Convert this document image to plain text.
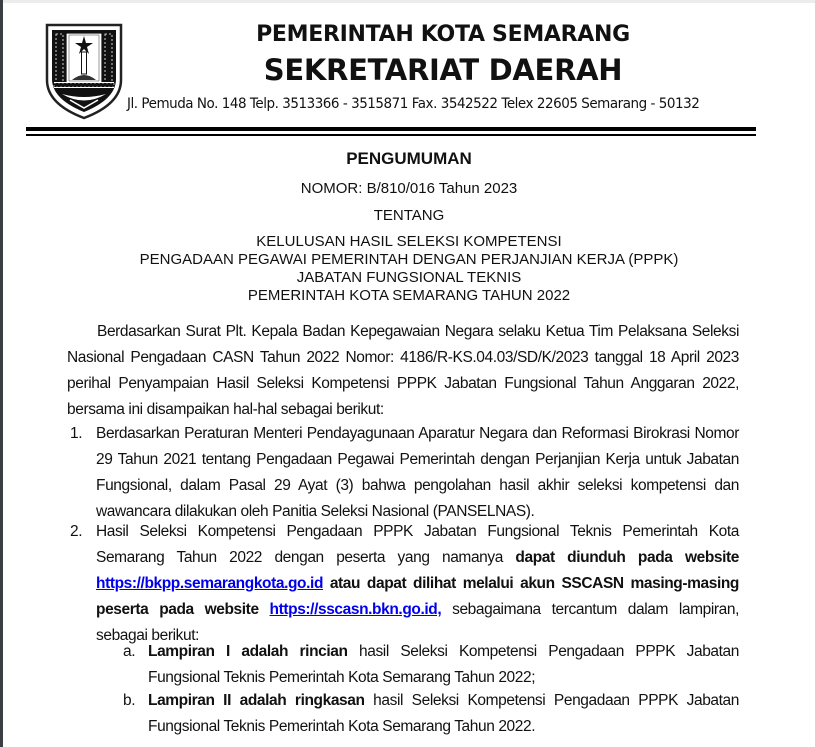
PEMERINTAH KOTA SEMARANG
SEKRETARIAT DAERAH
Jl. Pemuda No. 148 Telp. 3513366 - 3515871 Fax. 3542522 Telex 22605 Semarang - 50132
PENGUMUMAN
NOMOR: B/810/016 Tahun 2023
TENTANG
KELULUSAN HASIL SELEKSI KOMPETENSI
PENGADAAN PEGAWAI PEMERINTAH DENGAN PERJANJIAN KERJA (PPPK)
JABATAN FUNGSIONAL TEKNIS
PEMERINTAH KOTA SEMARANG TAHUN 2022
Berdasarkan Surat Plt. Kepala Badan Kepegawaian Negara selaku Ketua Tim Pelaksana Seleksi Nasional Pengadaan CASN Tahun 2022 Nomor: 4186/R-KS.04.03/SD/K/2023 tanggal 18 April 2023 perihal Penyampaian Hasil Seleksi Kompetensi PPPK Jabatan Fungsional Tahun Anggaran 2022, bersama ini disampaikan hal-hal sebagai berikut:
1. Berdasarkan Peraturan Menteri Pendayagunaan Aparatur Negara dan Reformasi Birokrasi Nomor 29 Tahun 2021 tentang Pengadaan Pegawai Pemerintah dengan Perjanjian Kerja untuk Jabatan Fungsional, dalam Pasal 29 Ayat (3) bahwa pengolahan hasil akhir seleksi kompetensi dan wawancara dilakukan oleh Panitia Seleksi Nasional (PANSELNAS).
2. Hasil Seleksi Kompetensi Pengadaan PPPK Jabatan Fungsional Teknis Pemerintah Kota Semarang Tahun 2022 dengan peserta yang namanya dapat diunduh pada website https://bkpp.semarangkota.go.id atau dapat dilihat melalui akun SSCASN masing-masing peserta pada website https://sscasn.bkn.go.id, sebagaimana tercantum dalam lampiran, sebagai berikut:
a. Lampiran I adalah rincian hasil Seleksi Kompetensi Pengadaan PPPK Jabatan Fungsional Teknis Pemerintah Kota Semarang Tahun 2022;
b. Lampiran II adalah ringkasan hasil Seleksi Kompetensi Pengadaan PPPK Jabatan Fungsional Teknis Pemerintah Kota Semarang Tahun 2022.
